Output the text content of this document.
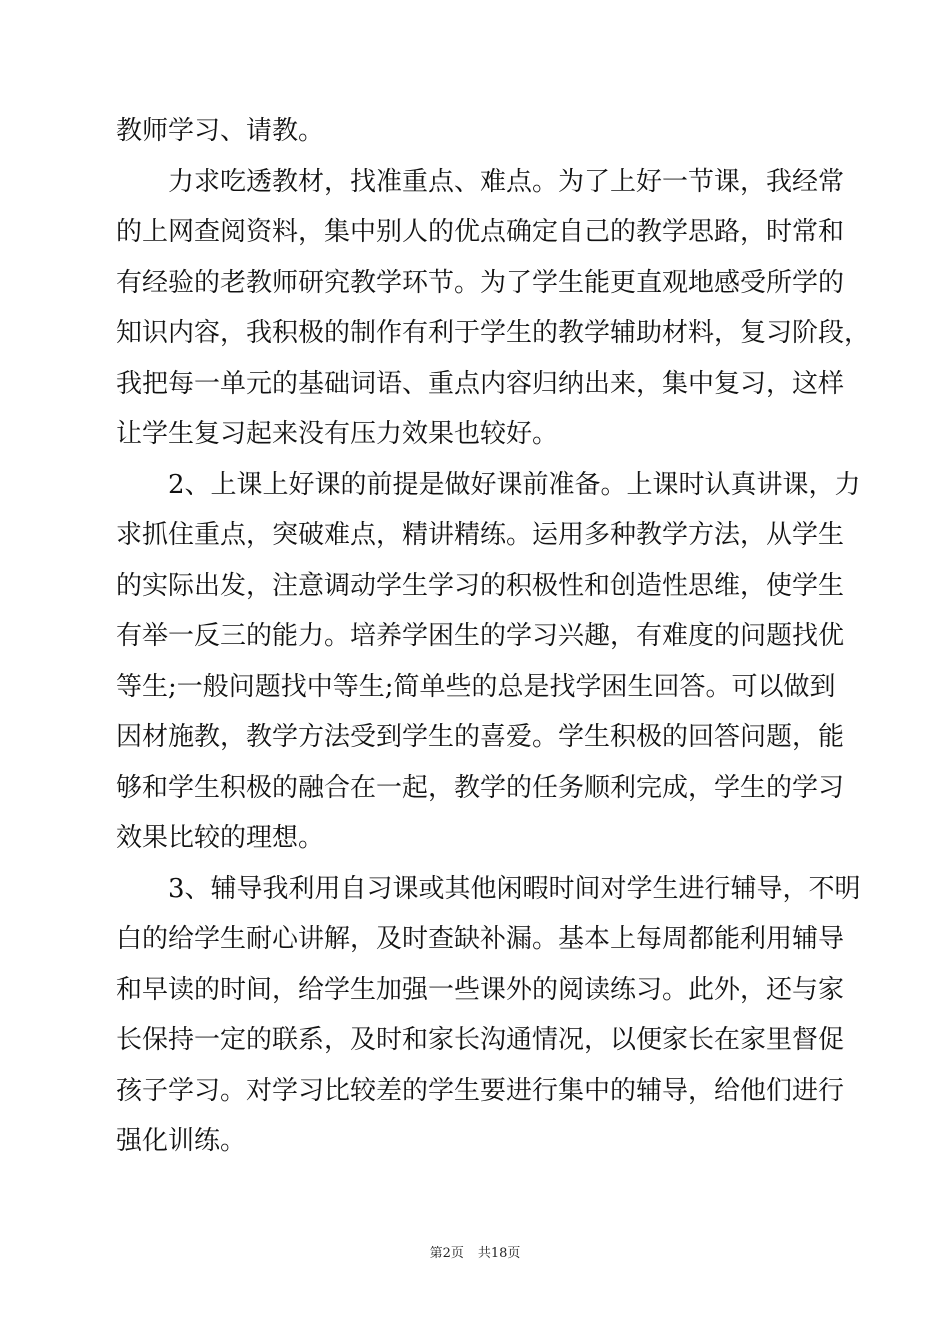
教师学习、请教。
　　力求吃透教材，找准重点、难点。为了上好一节课，我经常
的上网查阅资料，集中别人的优点确定自己的教学思路，时常和
有经验的老教师研究教学环节。为了学生能更直观地感受所学的
知识内容，我积极的制作有利于学生的教学辅助材料，复习阶段，
我把每一单元的基础词语、重点内容归纳出来，集中复习，这样
让学生复习起来没有压力效果也较好。
　　2、上课上好课的前提是做好课前准备。上课时认真讲课，力
求抓住重点，突破难点，精讲精练。运用多种教学方法，从学生
的实际出发，注意调动学生学习的积极性和创造性思维，使学生
有举一反三的能力。培养学困生的学习兴趣，有难度的问题找优
等生;一般问题找中等生;简单些的总是找学困生回答。可以做到
因材施教，教学方法受到学生的喜爱。学生积极的回答问题，能
够和学生积极的融合在一起，教学的任务顺利完成，学生的学习
效果比较的理想。
　　3、辅导我利用自习课或其他闲暇时间对学生进行辅导，不明
白的给学生耐心讲解，及时查缺补漏。基本上每周都能利用辅导
和早读的时间，给学生加强一些课外的阅读练习。此外，还与家
长保持一定的联系，及时和家长沟通情况，以便家长在家里督促
孩子学习。对学习比较差的学生要进行集中的辅导，给他们进行
强化训练。
第2页 共18页
